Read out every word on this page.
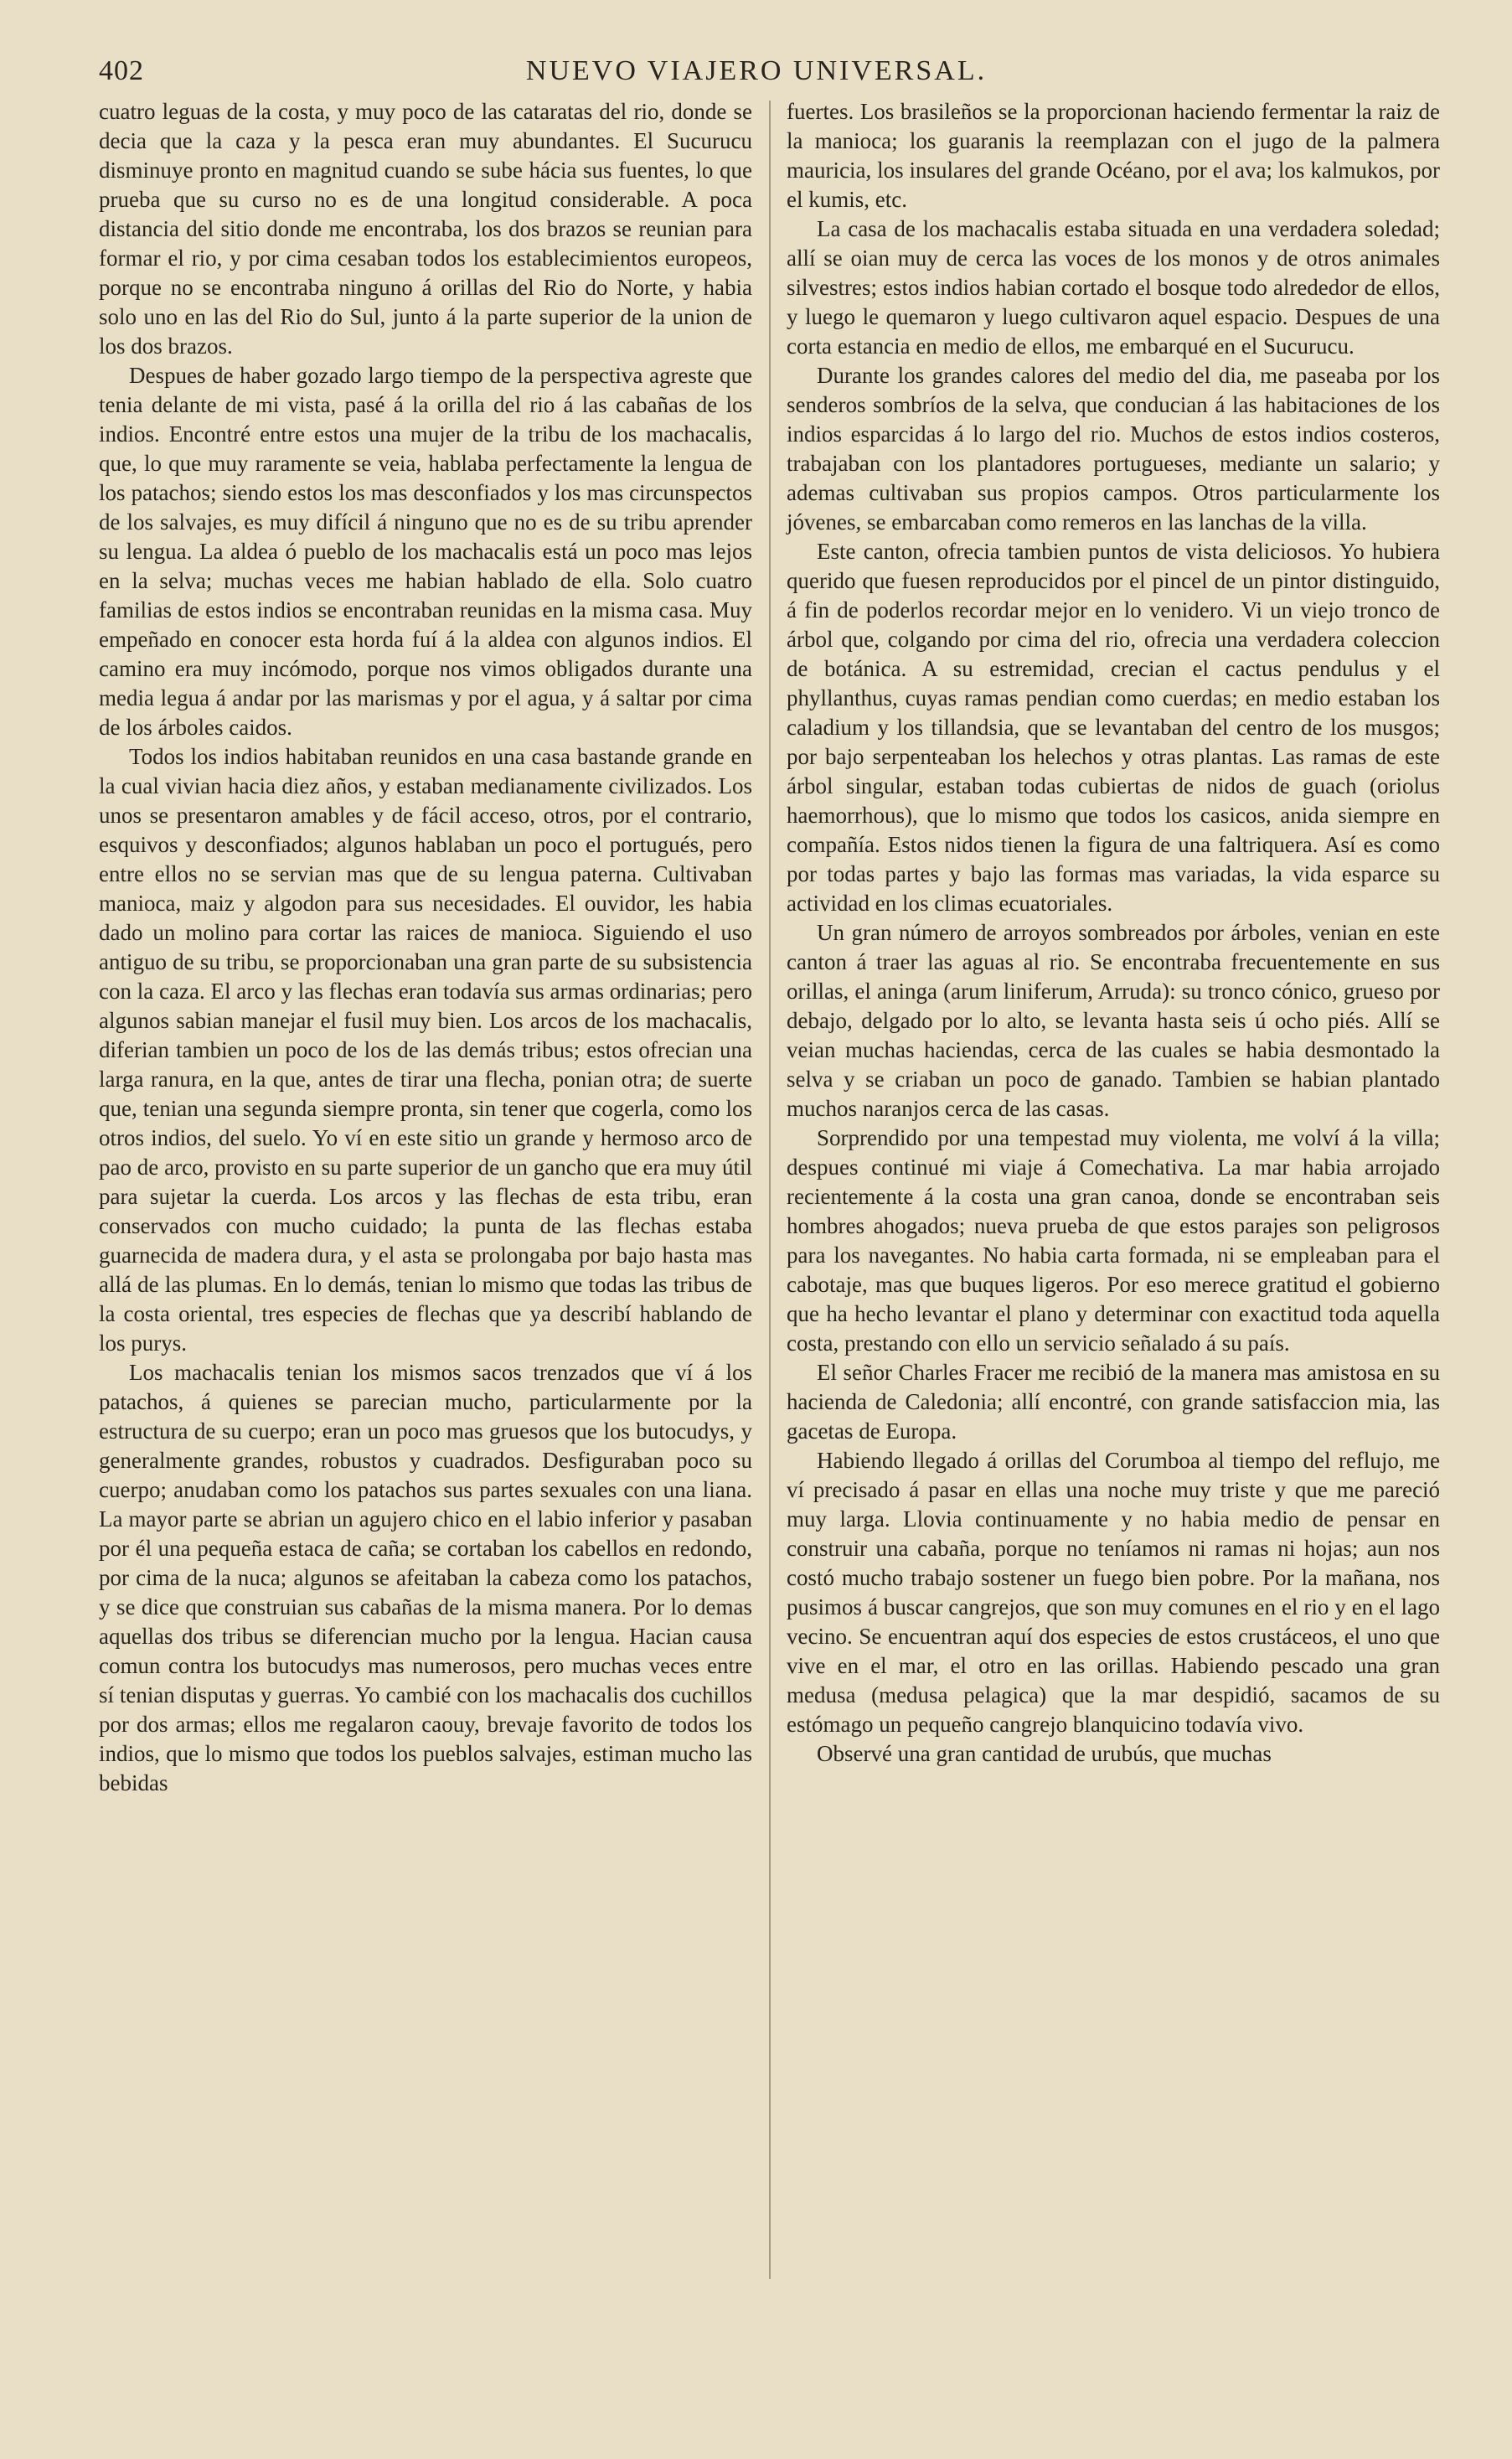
402	NUEVO VIAJERO UNIVERSAL.

cuatro leguas de la costa, y muy poco de las cataratas del rio, donde se decia que la caza y la pesca eran muy abundantes. El Sucurucu disminuye pronto en magnitud cuando se sube hácia sus fuentes, lo que prueba que su curso no es de una longitud considerable. A poca distancia del sitio donde me encontraba, los dos brazos se reunian para formar el rio, y por cima cesaban todos los establecimientos europeos, porque no se encontraba ninguno á orillas del Rio do Norte, y habia solo uno en las del Rio do Sul, junto á la parte superior de la union de los dos brazos.

Despues de haber gozado largo tiempo de la perspectiva agreste que tenia delante de mi vista, pasé á la orilla del rio á las cabañas de los indios. Encontré entre estos una mujer de la tribu de los machacalis, que, lo que muy raramente se veia, hablaba perfectamente la lengua de los patachos; siendo estos los mas desconfiados y los mas circunspectos de los salvajes, es muy difícil á ninguno que no es de su tribu aprender su lengua. La aldea ó pueblo de los machacalis está un poco mas lejos en la selva; muchas veces me habian hablado de ella. Solo cuatro familias de estos indios se encontraban reunidas en la misma casa. Muy empeñado en conocer esta horda fuí á la aldea con algunos indios. El camino era muy incómodo, porque nos vimos obligados durante una media legua á andar por las marismas y por el agua, y á saltar por cima de los árboles caidos.

Todos los indios habitaban reunidos en una casa bastande grande en la cual vivian hacia diez años, y estaban medianamente civilizados. Los unos se presentaron amables y de fácil acceso, otros, por el contrario, esquivos y desconfiados; algunos hablaban un poco el portugués, pero entre ellos no se servian mas que de su lengua paterna. Cultivaban manioca, maiz y algodon para sus necesidades. El ouvidor, les habia dado un molino para cortar las raices de manioca. Siguiendo el uso antiguo de su tribu, se proporcionaban una gran parte de su subsistencia con la caza. El arco y las flechas eran todavía sus armas ordinarias; pero algunos sabian manejar el fusil muy bien. Los arcos de los machacalis, diferian tambien un poco de los de las demás tribus; estos ofrecian una larga ranura, en la que, antes de tirar una flecha, ponian otra; de suerte que, tenian una segunda siempre pronta, sin tener que cogerla, como los otros indios, del suelo. Yo ví en este sitio un grande y hermoso arco de pao de arco, provisto en su parte superior de un gancho que era muy útil para sujetar la cuerda. Los arcos y las flechas de esta tribu, eran conservados con mucho cuidado; la punta de las flechas estaba guarnecida de madera dura, y el asta se prolongaba por bajo hasta mas allá de las plumas. En lo demás, tenian lo mismo que todas las tribus de la costa oriental, tres especies de flechas que ya describí hablando de los purys.

Los machacalis tenian los mismos sacos trenzados que ví á los patachos, á quienes se parecian mucho, particularmente por la estructura de su cuerpo; eran un poco mas gruesos que los butocudys, y generalmente grandes, robustos y cuadrados. Desfiguraban poco su cuerpo; anudaban como los patachos sus partes sexuales con una liana. La mayor parte se abrian un agujero chico en el labio inferior y pasaban por él una pequeña estaca de caña; se cortaban los cabellos en redondo, por cima de la nuca; algunos se afeitaban la cabeza como los patachos, y se dice que construian sus cabañas de la misma manera. Por lo demas aquellas dos tribus se diferencian mucho por la lengua. Hacian causa comun contra los butocudys mas numerosos, pero muchas veces entre sí tenian disputas y guerras. Yo cambié con los machacalis dos cuchillos por dos armas; ellos me regalaron caouy, brevaje favorito de todos los indios, que lo mismo que todos los pueblos salvajes, estiman mucho las bebidas

fuertes. Los brasileños se la proporcionan haciendo fermentar la raiz de la manioca; los guaranis la reemplazan con el jugo de la palmera mauricia, los insulares del grande Océano, por el ava; los kalmukos, por el kumis, etc.

La casa de los machacalis estaba situada en una verdadera soledad; allí se oian muy de cerca las voces de los monos y de otros animales silvestres; estos indios habian cortado el bosque todo alrededor de ellos, y luego le quemaron y luego cultivaron aquel espacio. Despues de una corta estancia en medio de ellos, me embarqué en el Sucurucu.

Durante los grandes calores del medio del dia, me paseaba por los senderos sombríos de la selva, que conducian á las habitaciones de los indios esparcidas á lo largo del rio. Muchos de estos indios costeros, trabajaban con los plantadores portugueses, mediante un salario; y ademas cultivaban sus propios campos. Otros particularmente los jóvenes, se embarcaban como remeros en las lanchas de la villa.

Este canton, ofrecia tambien puntos de vista deliciosos. Yo hubiera querido que fuesen reproducidos por el pincel de un pintor distinguido, á fin de poderlos recordar mejor en lo venidero. Vi un viejo tronco de árbol que, colgando por cima del rio, ofrecia una verdadera coleccion de botánica. A su estremidad, crecian el cactus pendulus y el phyllanthus, cuyas ramas pendian como cuerdas; en medio estaban los caladium y los tillandsia, que se levantaban del centro de los musgos; por bajo serpenteaban los helechos y otras plantas. Las ramas de este árbol singular, estaban todas cubiertas de nidos de guach (oriolus haemorrhous), que lo mismo que todos los casicos, anida siempre en compañía. Estos nidos tienen la figura de una faltriquera. Así es como por todas partes y bajo las formas mas variadas, la vida esparce su actividad en los climas ecuatoriales.

Un gran número de arroyos sombreados por árboles, venian en este canton á traer las aguas al rio. Se encontraba frecuentemente en sus orillas, el aninga (arum liniferum, Arruda): su tronco cónico, grueso por debajo, delgado por lo alto, se levanta hasta seis ú ocho piés. Allí se veian muchas haciendas, cerca de las cuales se habia desmontado la selva y se criaban un poco de ganado. Tambien se habian plantado muchos naranjos cerca de las casas.

Sorprendido por una tempestad muy violenta, me volví á la villa; despues continué mi viaje á Comechativa. La mar habia arrojado recientemente á la costa una gran canoa, donde se encontraban seis hombres ahogados; nueva prueba de que estos parajes son peligrosos para los navegantes. No habia carta formada, ni se empleaban para el cabotaje, mas que buques ligeros. Por eso merece gratitud el gobierno que ha hecho levantar el plano y determinar con exactitud toda aquella costa, prestando con ello un servicio señalado á su país.

El señor Charles Fracer me recibió de la manera mas amistosa en su hacienda de Caledonia; allí encontré, con grande satisfaccion mia, las gacetas de Europa.

Habiendo llegado á orillas del Corumboa al tiempo del reflujo, me ví precisado á pasar en ellas una noche muy triste y que me pareció muy larga. Llovia continuamente y no habia medio de pensar en construir una cabaña, porque no teníamos ni ramas ni hojas; aun nos costó mucho trabajo sostener un fuego bien pobre. Por la mañana, nos pusimos á buscar cangrejos, que son muy comunes en el rio y en el lago vecino. Se encuentran aquí dos especies de estos crustáceos, el uno que vive en el mar, el otro en las orillas. Habiendo pescado una gran medusa (medusa pelagica) que la mar despidió, sacamos de su estómago un pequeño cangrejo blanquicino todavía vivo.

Observé una gran cantidad de urubús, que muchas
